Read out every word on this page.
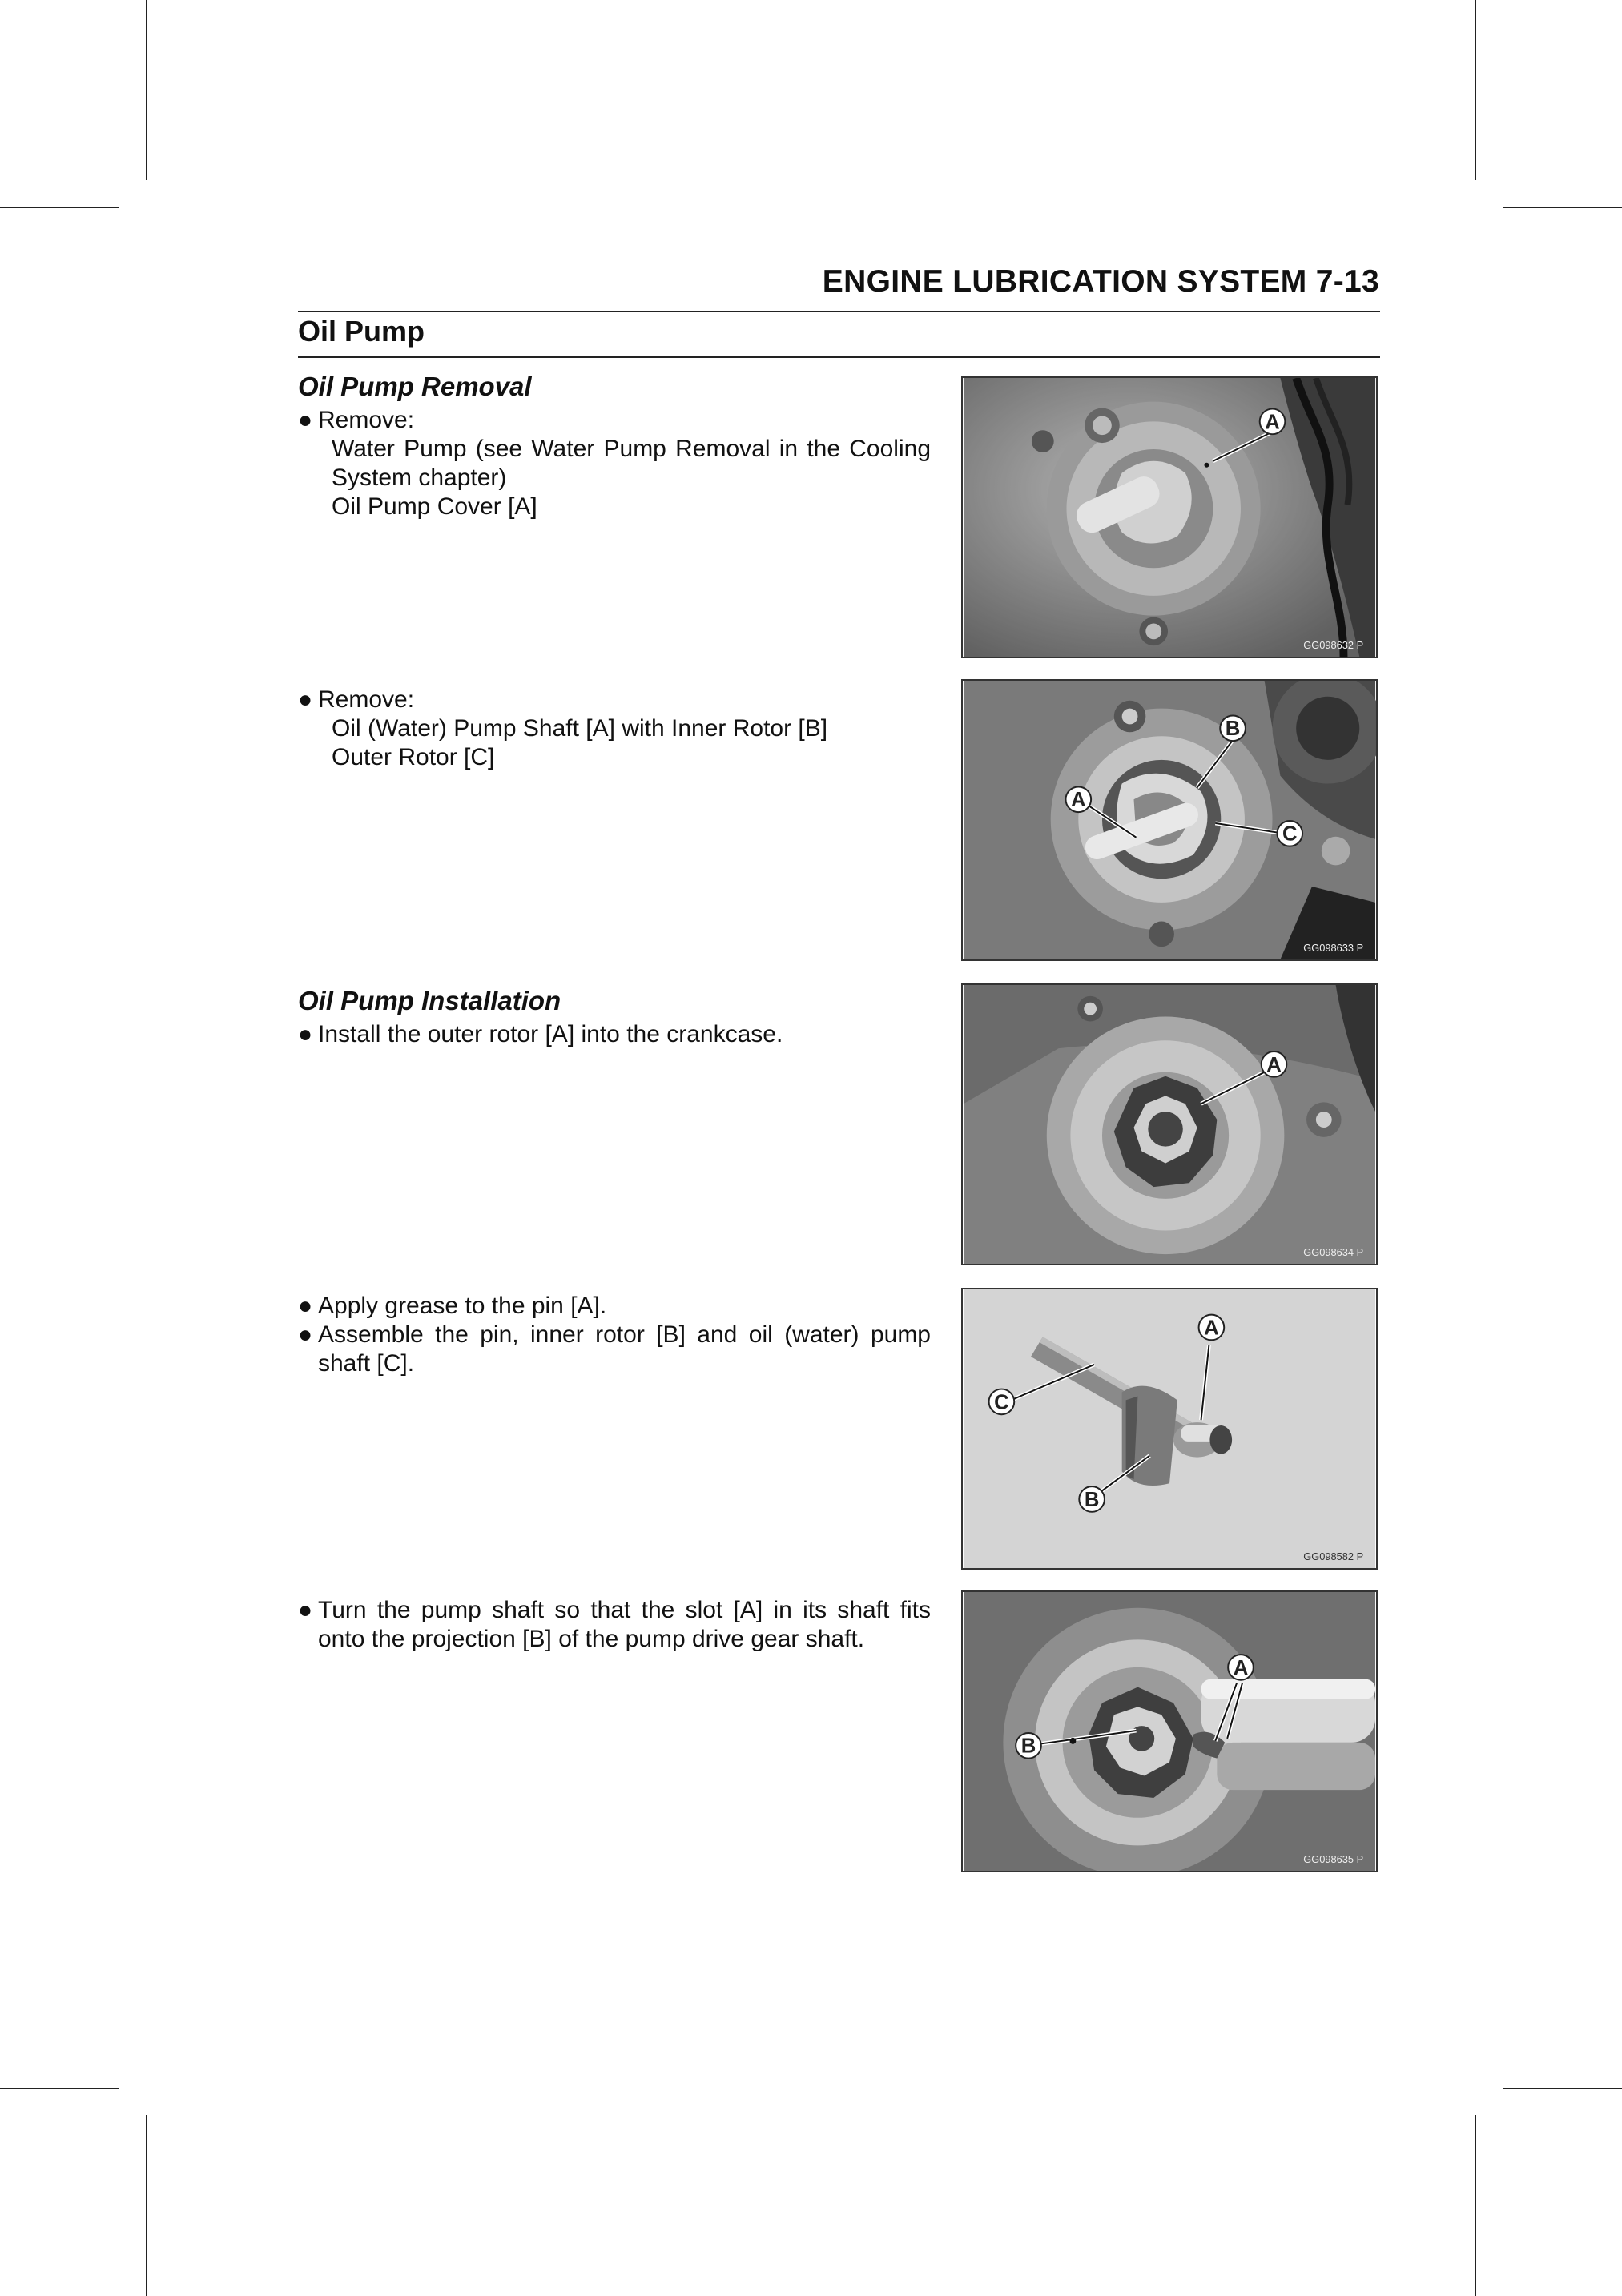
ENGINE LUBRICATION SYSTEM 7-13
Oil Pump
Oil Pump Removal
● Remove:
Water Pump (see Water Pump Removal in the Cooling System chapter)
Oil Pump Cover [A]
● Remove:
Oil (Water) Pump Shaft [A] with Inner Rotor [B]
Outer Rotor [C]
Oil Pump Installation
● Install the outer rotor [A] into the crankcase.
● Apply grease to the pin [A].
● Assemble the pin, inner rotor [B] and oil (water) pump shaft [C].
● Turn the pump shaft so that the slot [A] in its shaft fits onto the projection [B] of the pump drive gear shaft.
A
GG098632 P
B
A
C
GG098633 P
A
GG098634 P
A
C
B
GG098582 P
A
B
GG098635 P
